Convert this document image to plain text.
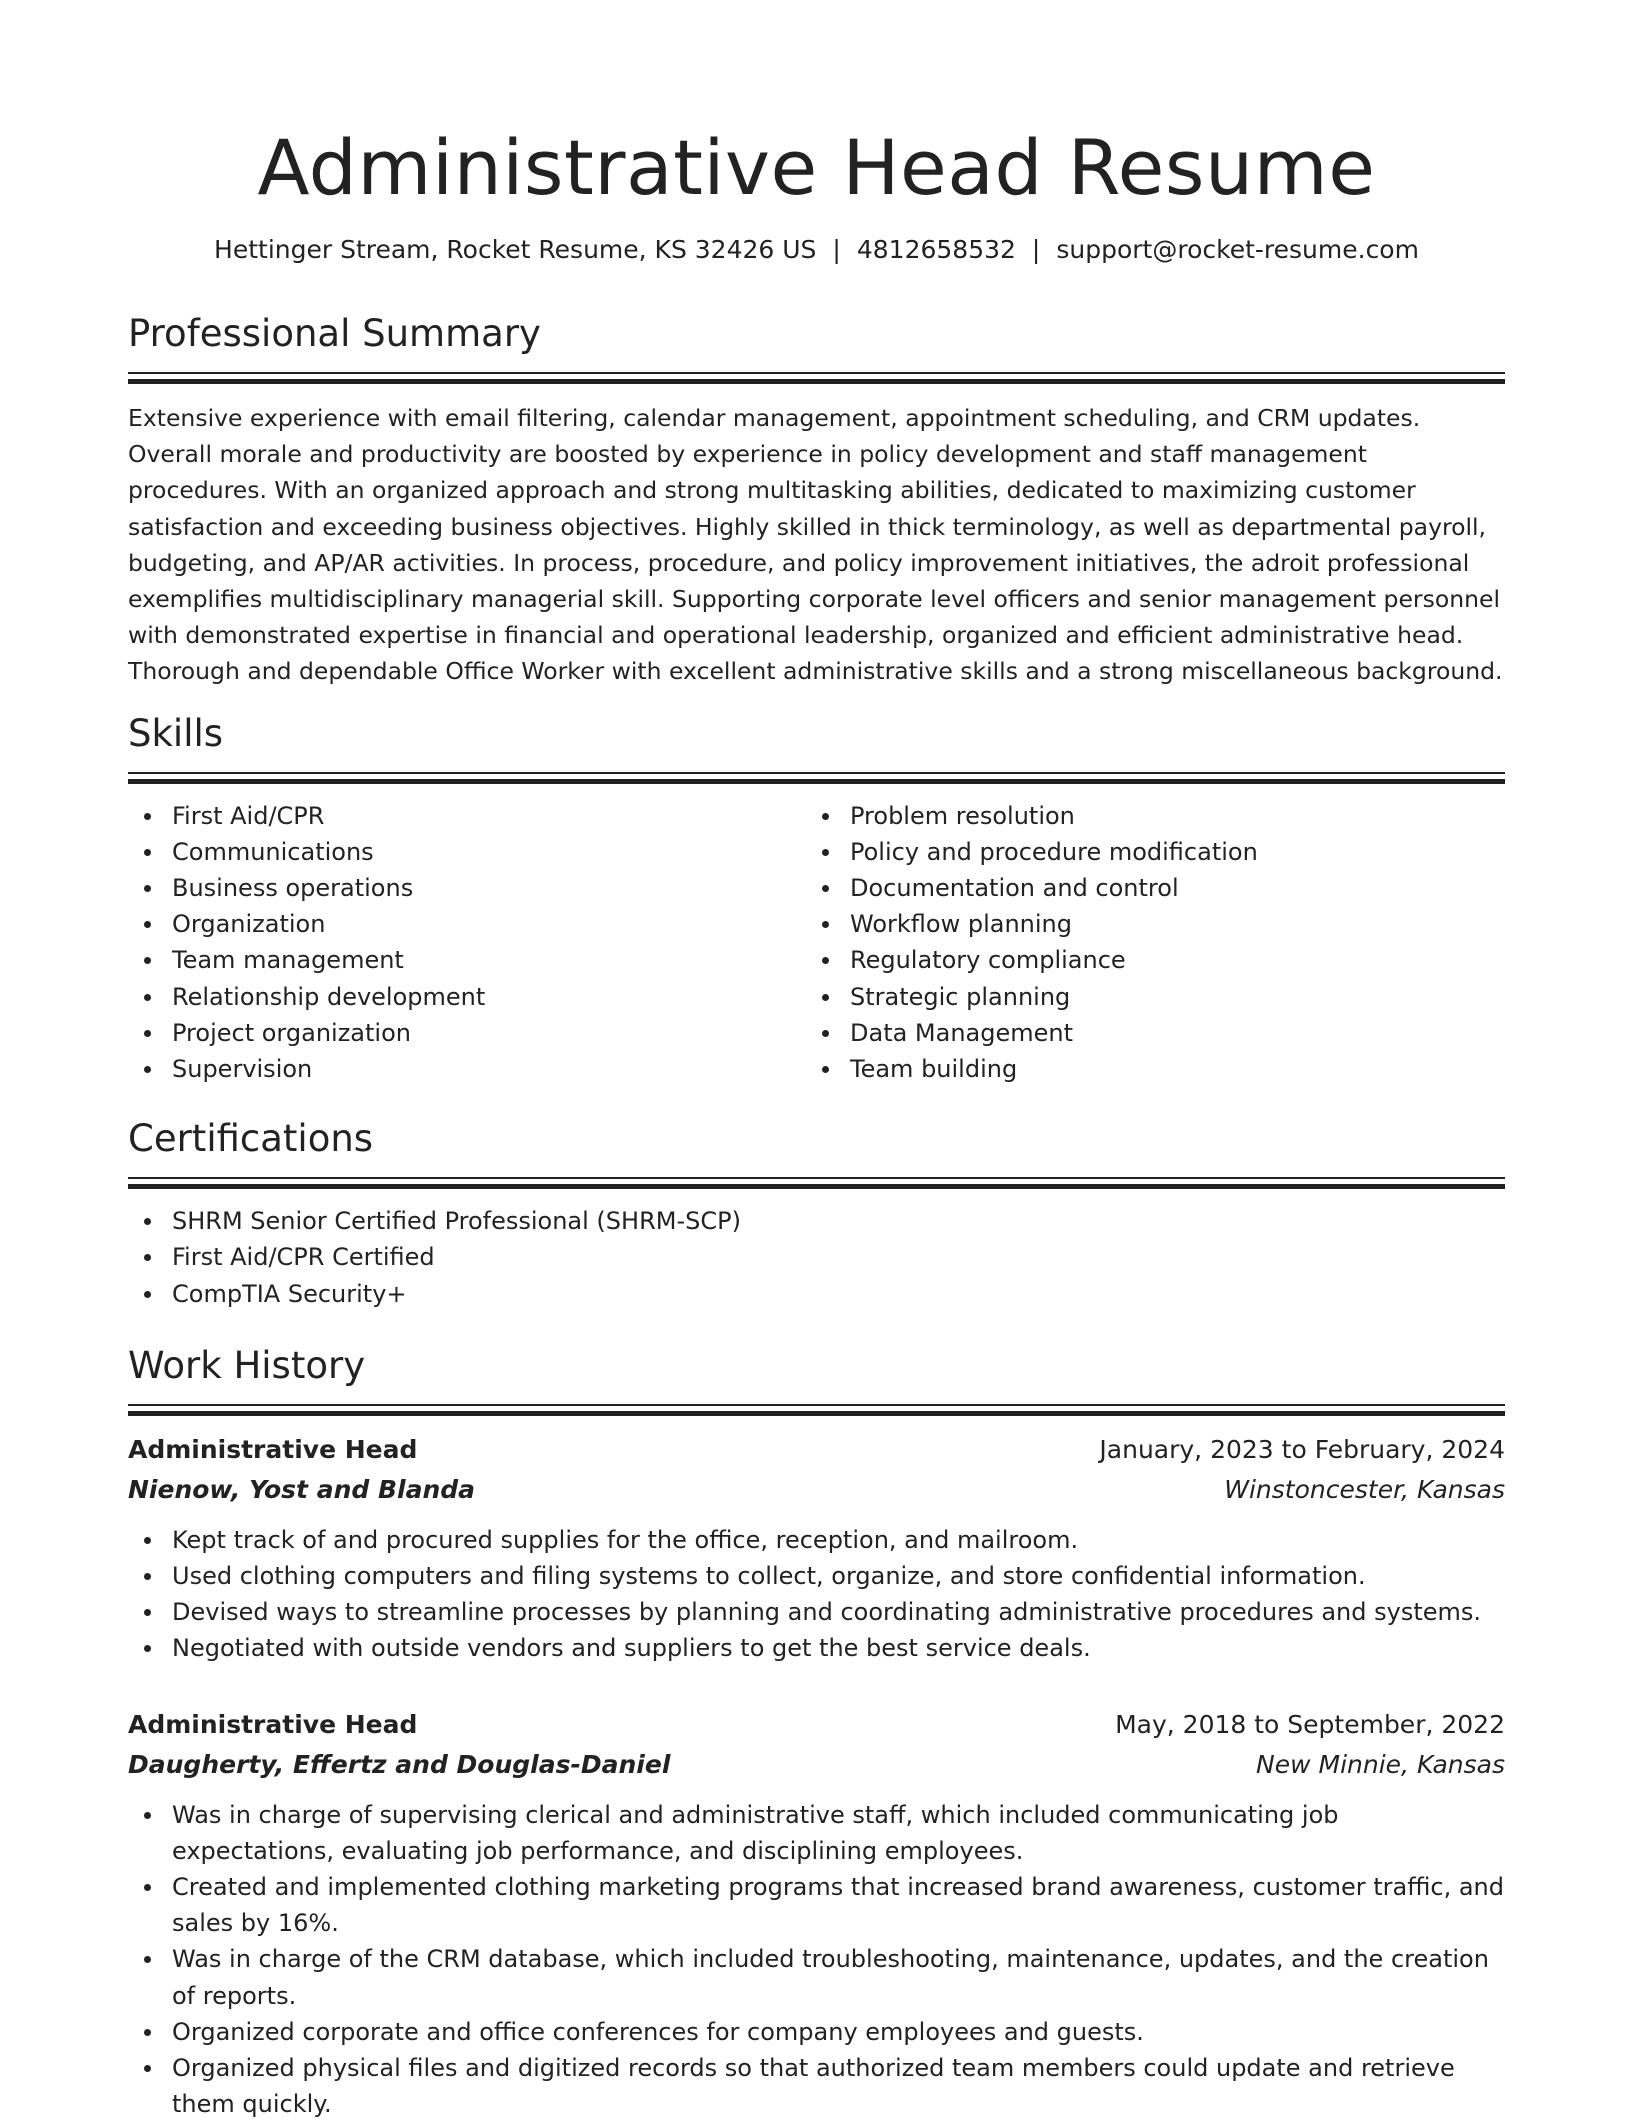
Administrative Head Resume
Hettinger Stream, Rocket Resume, KS 32426 US | 4812658532 | support@rocket-resume.com
Professional Summary

Extensive experience with email filtering, calendar management, appointment scheduling, and CRM updates. Overall morale and productivity are boosted by experience in policy development and staff management procedures. With an organized approach and strong multitasking abilities, dedicated to maximizing customer satisfaction and exceeding business objectives. Highly skilled in thick terminology, as well as departmental payroll, budgeting, and AP/AR activities. In process, procedure, and policy improvement initiatives, the adroit professional exemplifies multidisciplinary managerial skill. Supporting corporate level officers and senior management personnel with demonstrated expertise in financial and operational leadership, organized and efficient administrative head. Thorough and dependable Office Worker with excellent administrative skills and a strong miscellaneous background.

Skills
First Aid/CPR
Communications
Business operations
Organization
Team management
Relationship development
Project organization
Supervision
Problem resolution
Policy and procedure modification
Documentation and control
Workflow planning
Regulatory compliance
Strategic planning
Data Management
Team building
Certifications
SHRM Senior Certified Professional (SHRM-SCP)
First Aid/CPR Certified
CompTIA Security+
Work History
Administrative Head	January, 2023 to February, 2024
Nienow, Yost and Blanda	Winstoncester, Kansas
Kept track of and procured supplies for the office, reception, and mailroom.
Used clothing computers and filing systems to collect, organize, and store confidential information.
Devised ways to streamline processes by planning and coordinating administrative procedures and systems.
Negotiated with outside vendors and suppliers to get the best service deals.
Administrative Head	May, 2018 to September, 2022
Daugherty, Effertz and Douglas-Daniel	New Minnie, Kansas
Was in charge of supervising clerical and administrative staff, which included communicating job expectations, evaluating job performance, and disciplining employees.
Created and implemented clothing marketing programs that increased brand awareness, customer traffic, and sales by 16%.
Was in charge of the CRM database, which included troubleshooting, maintenance, updates, and the creation of reports.
Organized corporate and office conferences for company employees and guests.
Organized physical files and digitized records so that authorized team members could update and retrieve them quickly.
